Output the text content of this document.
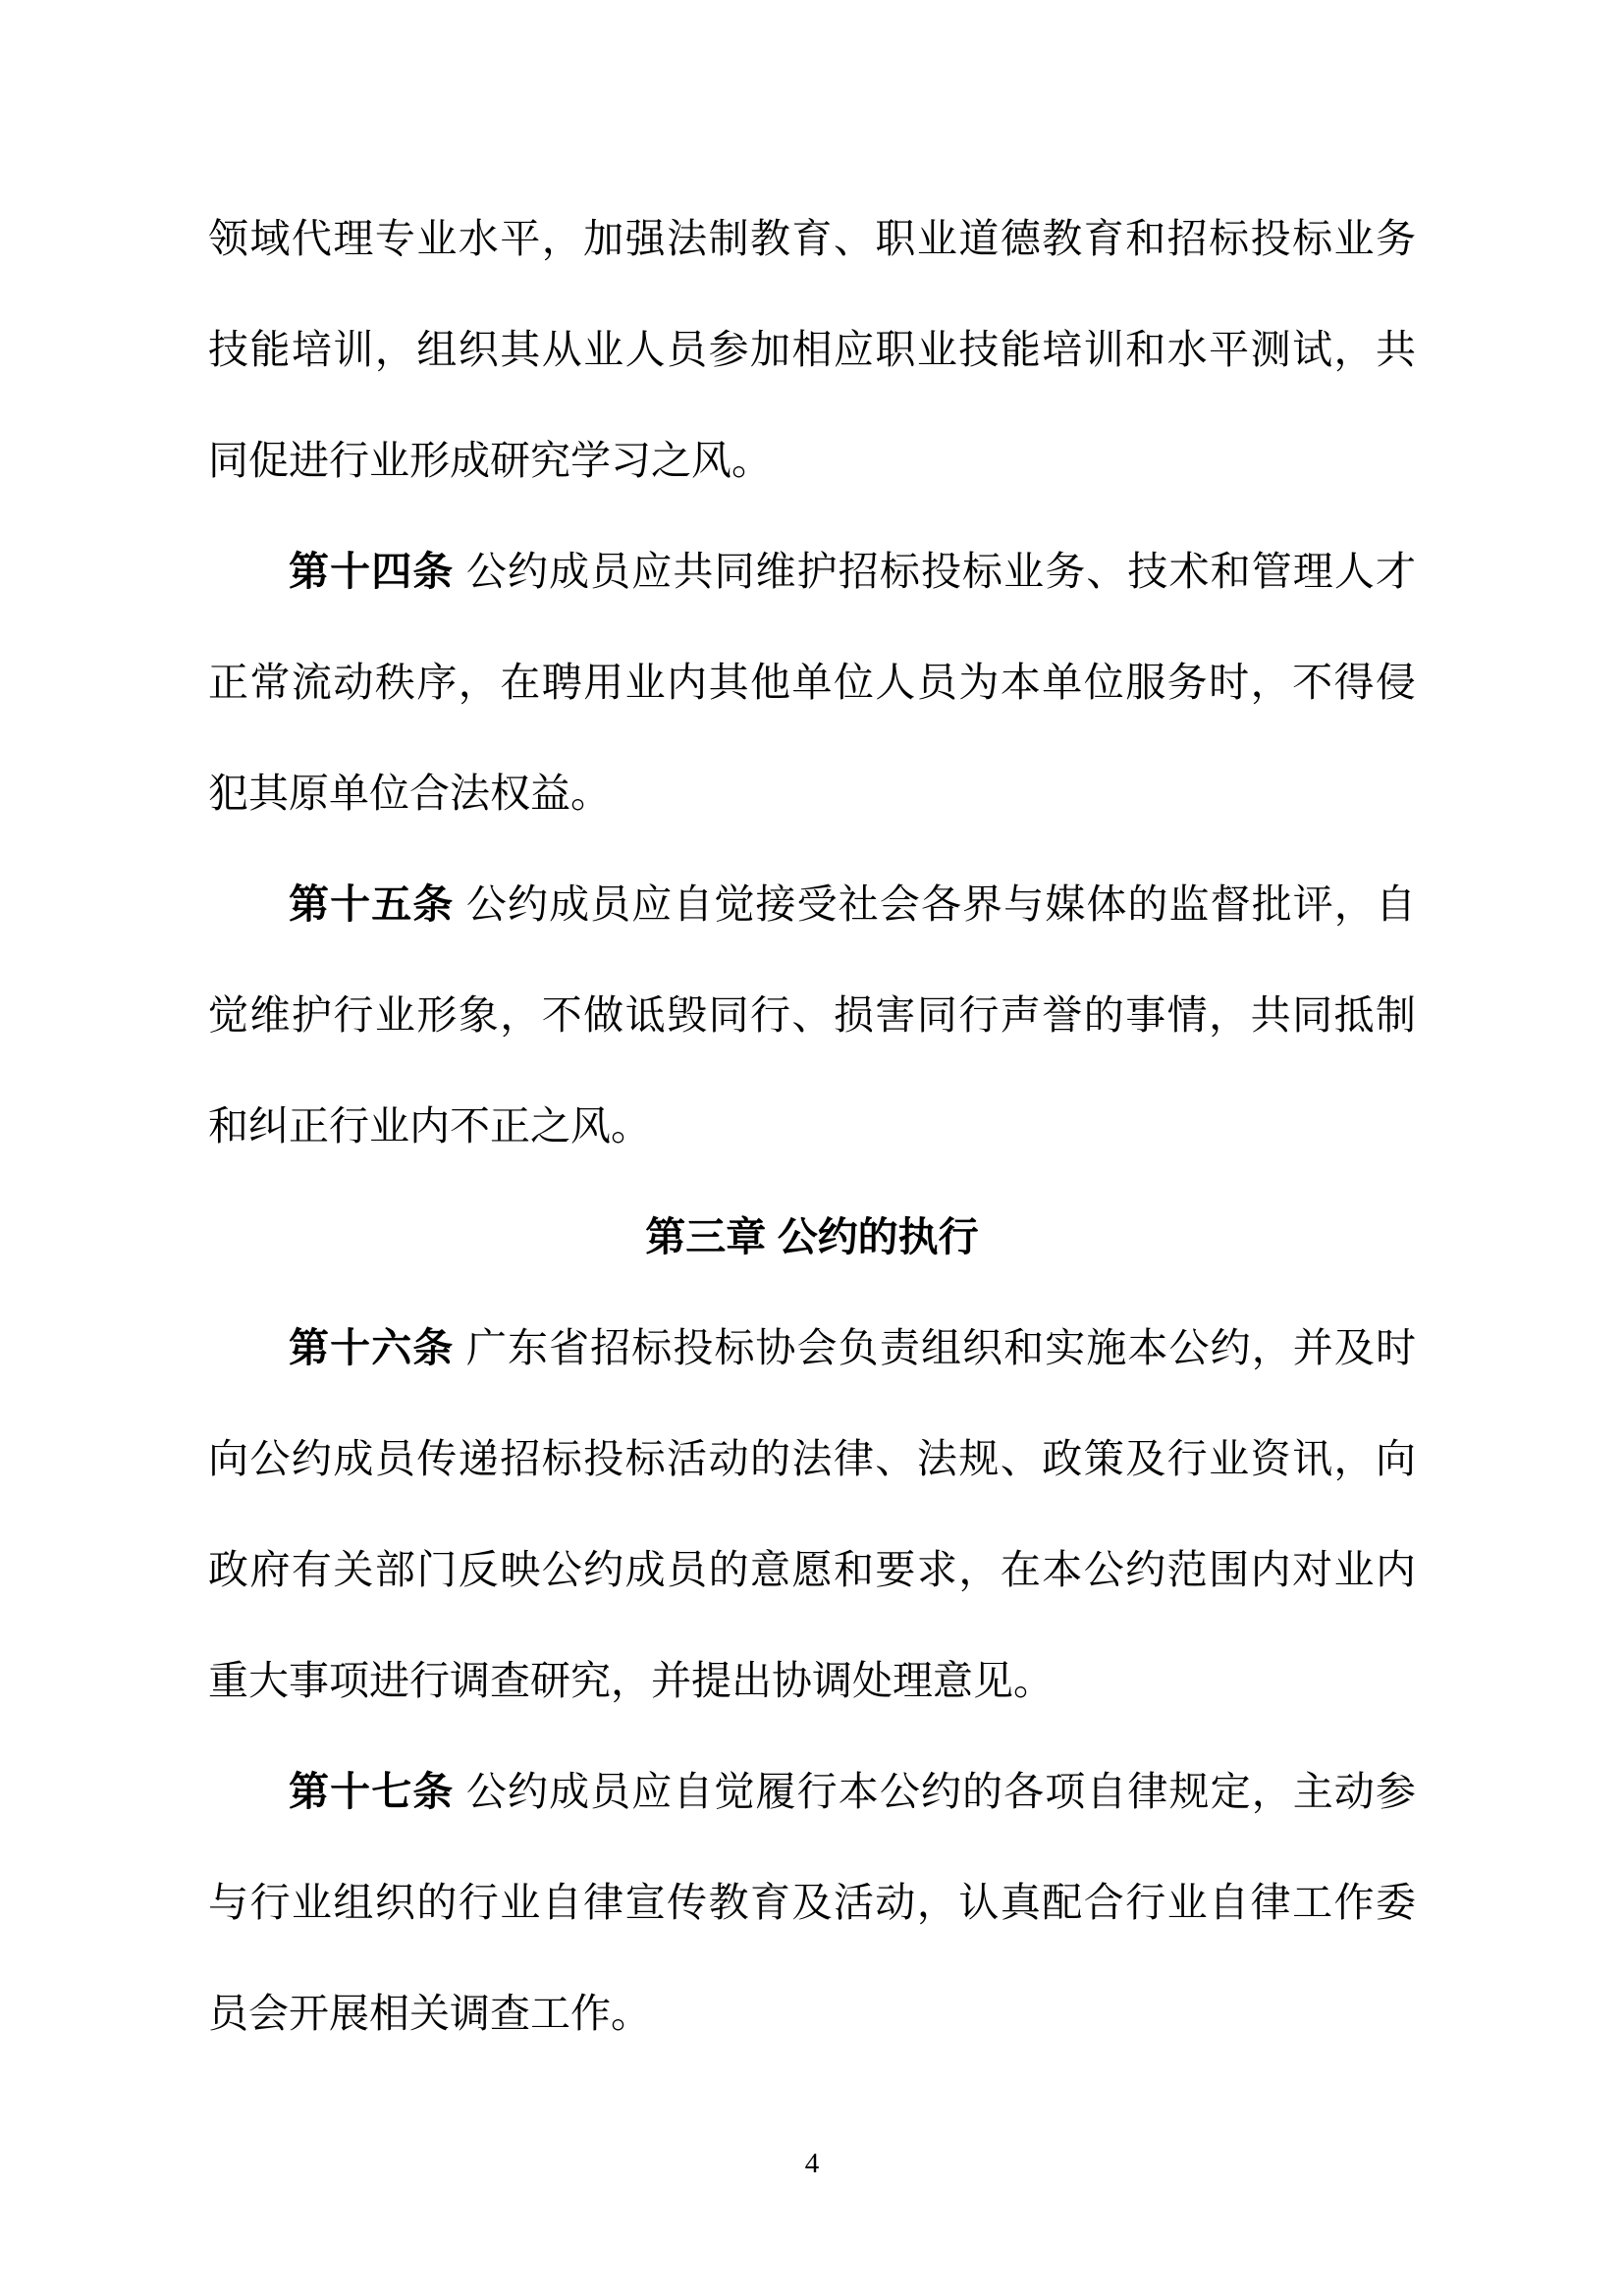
领域代理专业水平，加强法制教育、职业道德教育和招标投标业务
技能培训，组织其从业人员参加相应职业技能培训和水平测试，共
同促进行业形成研究学习之风。
第十四条 公约成员应共同维护招标投标业务、技术和管理人才
正常流动秩序，在聘用业内其他单位人员为本单位服务时，不得侵
犯其原单位合法权益。
第十五条 公约成员应自觉接受社会各界与媒体的监督批评，自
觉维护行业形象，不做诋毁同行、损害同行声誉的事情，共同抵制
和纠正行业内不正之风。
第三章 公约的执行
第十六条 广东省招标投标协会负责组织和实施本公约，并及时
向公约成员传递招标投标活动的法律、法规、政策及行业资讯，向
政府有关部门反映公约成员的意愿和要求，在本公约范围内对业内
重大事项进行调查研究，并提出协调处理意见。
第十七条 公约成员应自觉履行本公约的各项自律规定，主动参
与行业组织的行业自律宣传教育及活动，认真配合行业自律工作委
员会开展相关调查工作。
4
